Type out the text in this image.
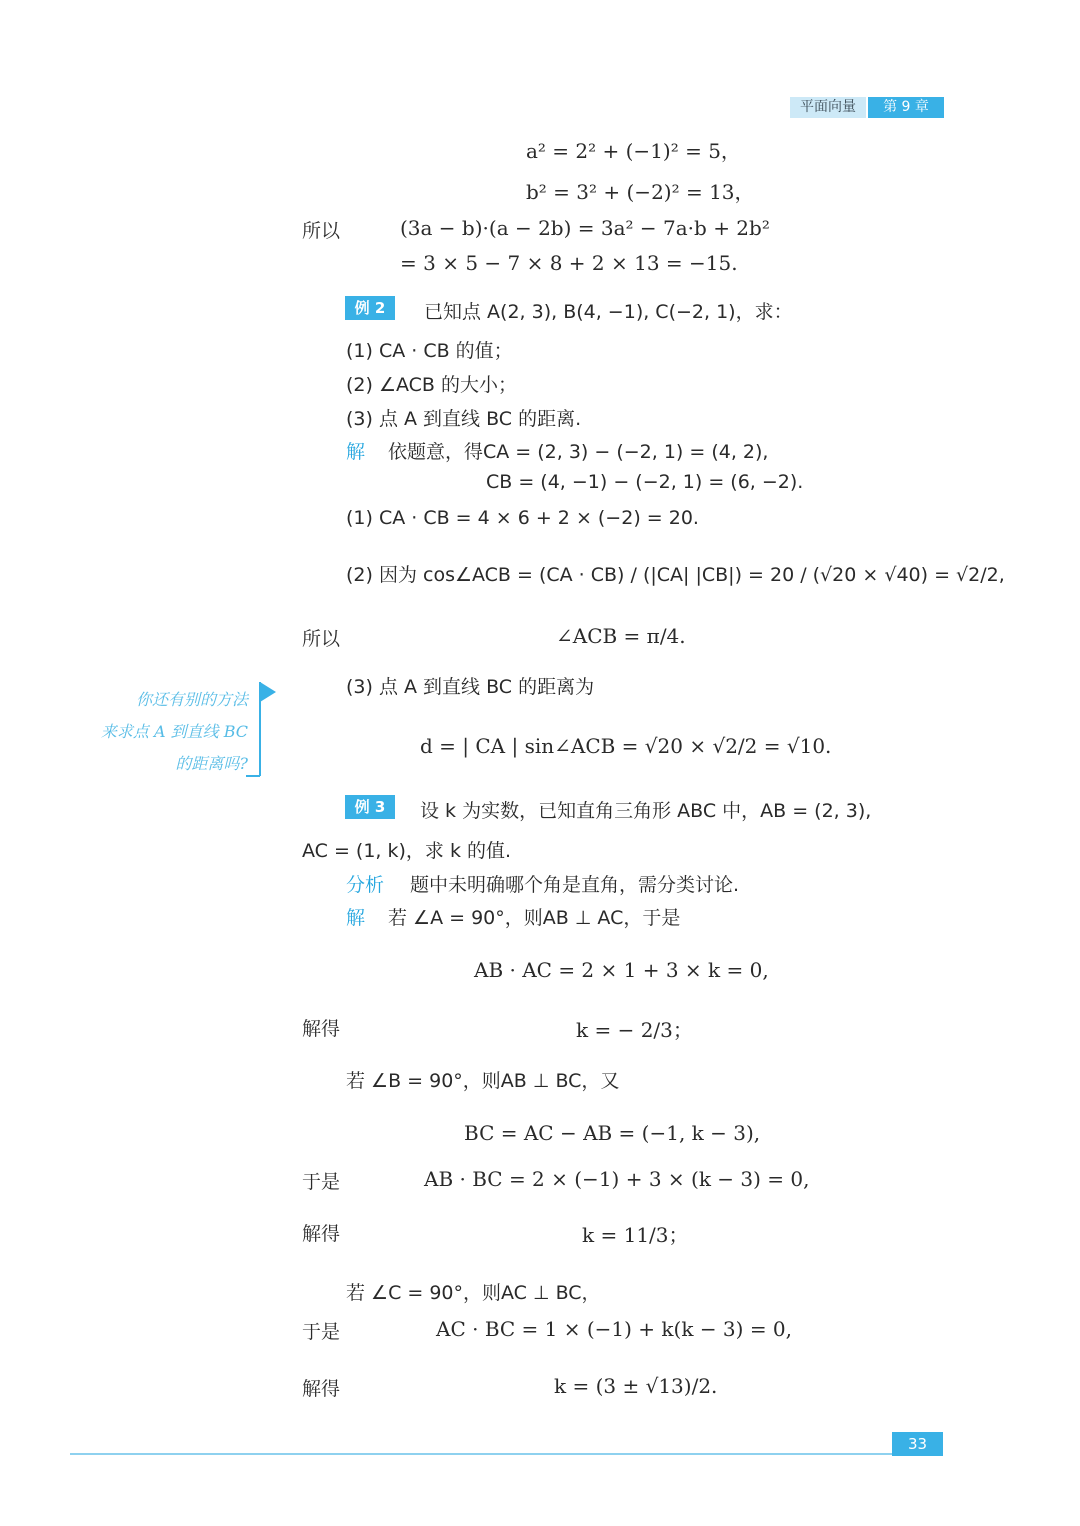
平面向量	第 9 章
a² = 2² + (−1)² = 5，
b² = 3² + (−2)² = 13，
所以	(3a − b)·(a − 2b) = 3a² − 7a·b + 2b²
= 3 × 5 − 7 × 8 + 2 × 13 = −15.
例 2	已知点 A(2, 3), B(4, −1), C(−2, 1)，求：
(1) CA · CB 的值；
(2) ∠ACB 的大小；
(3) 点 A 到直线 BC 的距离.
解 依题意，得CA = (2, 3) − (−2, 1) = (4, 2),
CB = (4, −1) − (−2, 1) = (6, −2).
(1) CA · CB = 4 × 6 + 2 × (−2) = 20.
(2) 因为 cos∠ACB = (CA · CB) / (|CA| |CB|) = 20 / (√20 × √40) = √2/2,
所以	∠ACB = π/4.
(3) 点 A 到直线 BC 的距离为
d = | CA | sin∠ACB = √20 × √2/2 = √10.
你还有别的方法
来求点 A 到直线 BC
的距离吗?
例 3	设 k 为实数，已知直角三角形 ABC 中，AB = (2, 3),
AC = (1, k)，求 k 的值.
分析 题中未明确哪个角是直角，需分类讨论.
解 若 ∠A = 90°，则AB ⊥ AC，于是
AB · AC = 2 × 1 + 3 × k = 0,
解得	k = − 2/3；
若 ∠B = 90°，则AB ⊥ BC，又
BC = AC − AB = (−1, k − 3),
于是	AB · BC = 2 × (−1) + 3 × (k − 3) = 0,
解得	k = 11/3；
若 ∠C = 90°，则AC ⊥ BC，
于是	AC · BC = 1 × (−1) + k(k − 3) = 0,
解得	k = (3 ± √13)/2.
33
